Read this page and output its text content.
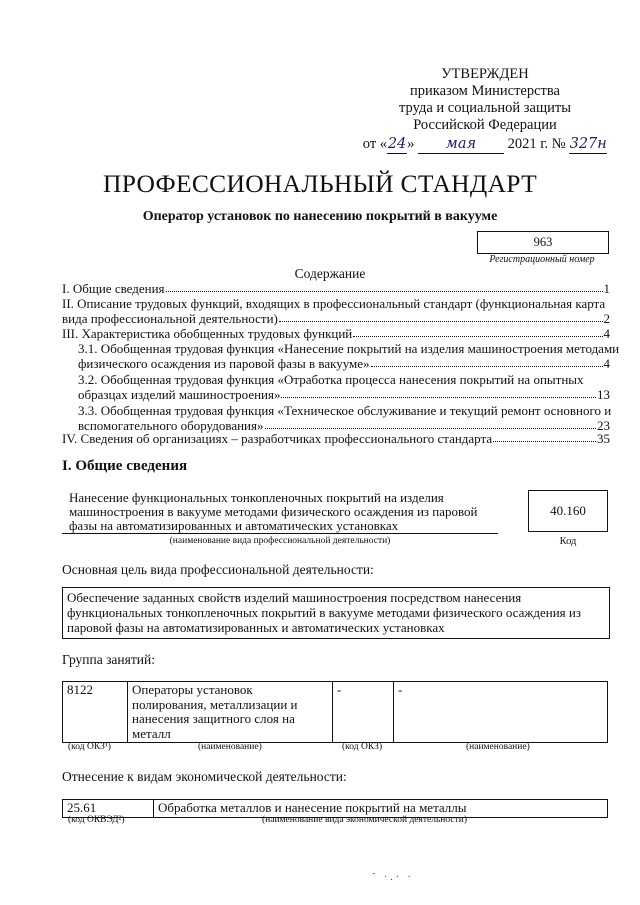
УТВЕРЖДЕН
приказом Министерства
труда и социальной защиты
Российской Федерации
от «24» мая 2021 г. № 327н
ПРОФЕССИОНАЛЬНЫЙ СТАНДАРТ
Оператор установок по нанесению покрытий в вакууме
963
Регистрационный номер
Содержание
I. Общие сведения	1
II. Описание трудовых функций, входящих в профессиональный стандарт (функциональная карта
вида профессиональной деятельности)	2
III. Характеристика обобщенных трудовых функций	4
3.1. Обобщенная трудовая функция «Нанесение покрытий на изделия машиностроения методами
физического осаждения из паровой фазы в вакууме»	4
3.2. Обобщенная трудовая функция «Отработка процесса нанесения покрытий на опытных
образцах изделий машиностроения»	13
3.3. Обобщенная трудовая функция «Техническое обслуживание и текущий ремонт основного и
вспомогательного оборудования»	23
IV. Сведения об организациях – разработчиках профессионального стандарта	35
I. Общие сведения
Нанесение функциональных тонкопленочных покрытий на изделия
машиностроения в вакууме методами физического осаждения из паровой
фазы на автоматизированных и автоматических установках
(наименование вида профессиональной деятельности)
40.160
Код
Основная цель вида профессиональной деятельности:
Обеспечение заданных свойств изделий машиностроения посредством нанесения
функциональных тонкопленочных покрытий в вакууме методами физического осаждения из
паровой фазы на автоматизированных и автоматических установках
Группа занятий:
8122	Операторы установок
полирования, металлизации и
нанесения защитного слоя на
металл
	-	-
(код ОКЗ¹)	(наименование)	(код ОКЗ)	(наименование)
Отнесение к видам экономической деятельности:
25.61	Обработка металлов и нанесение покрытий на металлы
(код ОКВЭД²)	(наименование вида экономической деятельности)
˜ ·.· ·
